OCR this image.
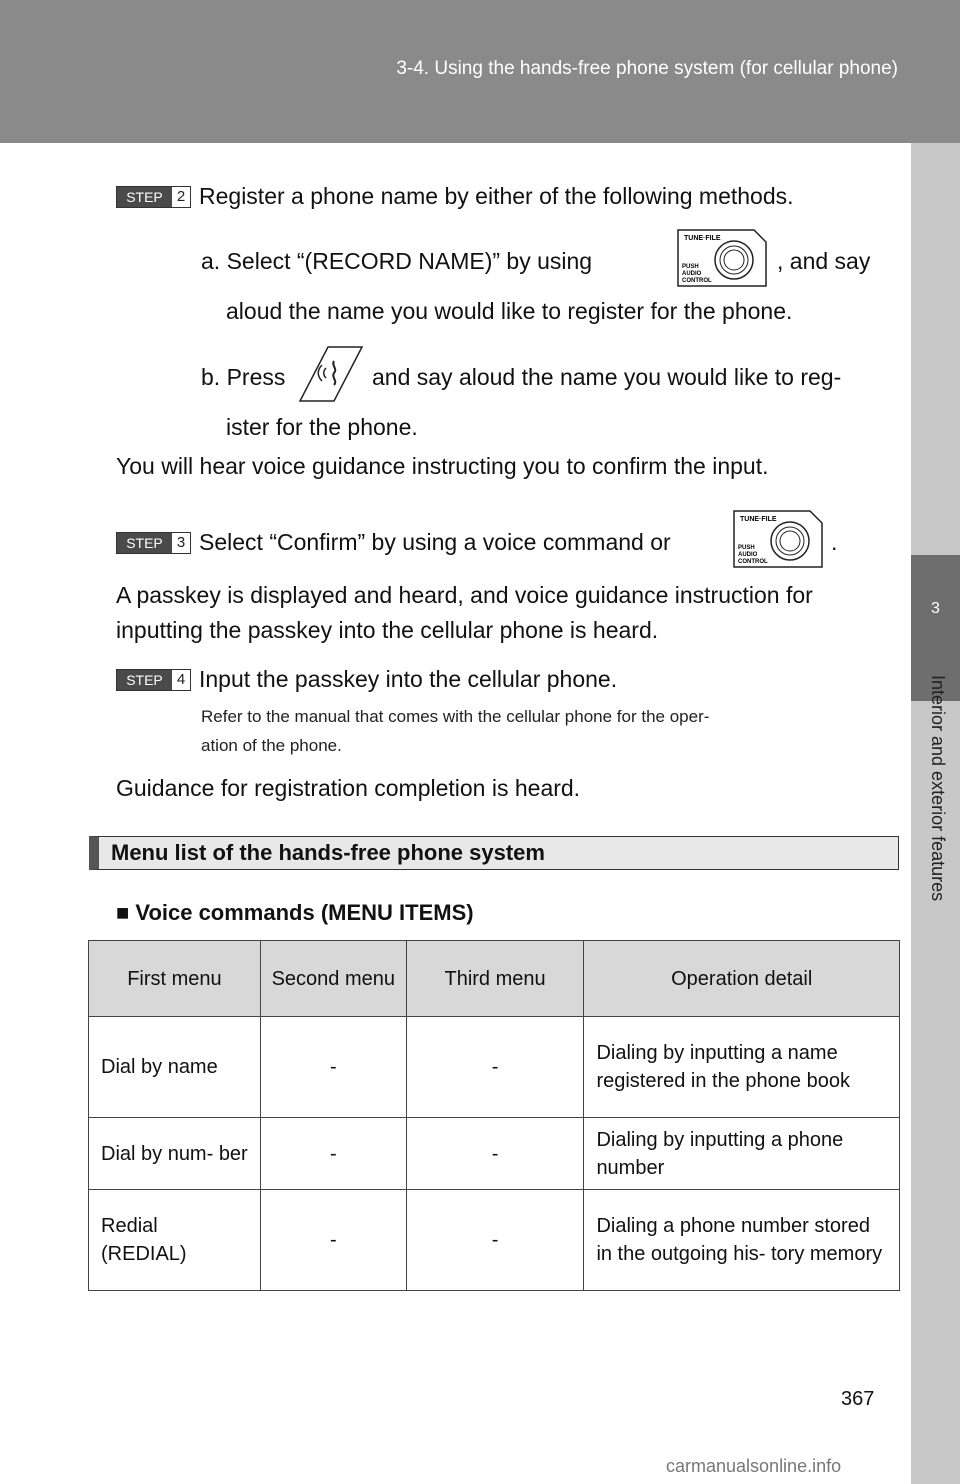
3-4. Using the hands-free phone system (for cellular phone)
3
Interior and exterior features
STEP 2 Register a phone name by either of the following methods.
a. Select “(RECORD NAME)” by using
TUNE·FILE
PUSH
AUDIO
CONTROL
, and say
aloud the name you would like to register for the phone.
b. Press	and say aloud the name you would like to reg-
ister for the phone.
You will hear voice guidance instructing you to confirm the input.
STEP 3 Select “Confirm” by using a voice command or
TUNE·FILE
PUSH
AUDIO
CONTROL
.
A passkey is displayed and heard, and voice guidance instruction for
inputting the passkey into the cellular phone is heard.
STEP 4 Input the passkey into the cellular phone.
Refer to the manual that comes with the cellular phone for the oper-
ation of the phone.
Guidance for registration completion is heard.
Menu list of the hands-free phone system
■ Voice commands (MENU ITEMS)
First menu	Second menu	Third menu	Operation detail
Dial by name	-	-	Dialing by inputting a name registered in the phone book
Dial by num- ber	-	-	Dialing by inputting a phone number
Redial (REDIAL)	-	-	Dialing a phone number stored in the outgoing his- tory memory
367
carmanualsonline.info
